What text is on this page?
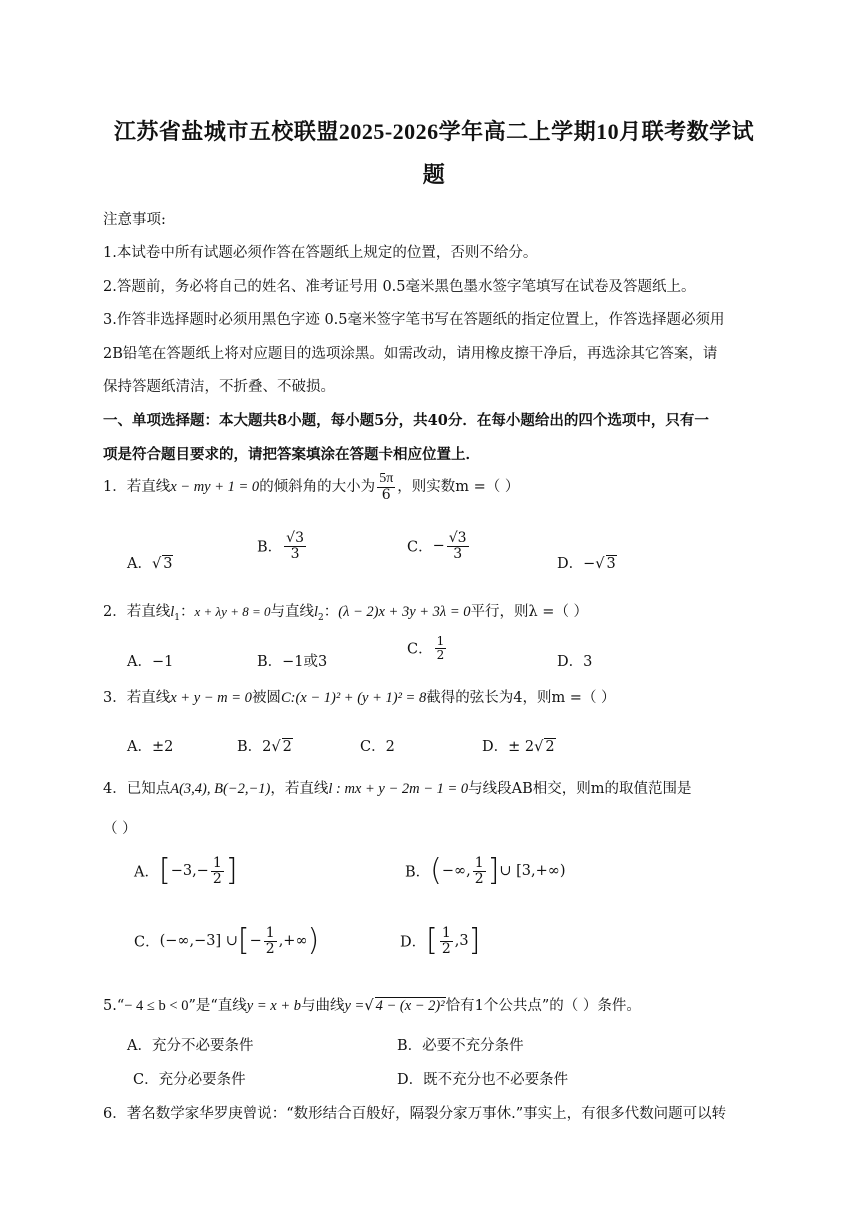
江苏省盐城市五校联盟2025-2026学年高二上学期10月联考数学试
题
注意事项:
1.本试卷中所有试题必须作答在答题纸上规定的位置，否则不给分。
2.答题前，务必将自己的姓名、准考证号用 0.5毫米黑色墨水签字笔填写在试卷及答题纸上。
3.作答非选择题时必须用黑色字迹 0.5毫米签字笔书写在答题纸的指定位置上，作答选择题必须用
2B铅笔在答题纸上将对应题目的选项涂黑。如需改动，请用橡皮擦干净后，再选涂其它答案，请
保持答题纸清洁，不折叠、不破损。
一、单项选择题：本大题共8小题，每小题5分，共40分．在每小题给出的四个选项中，只有一
项是符合题目要求的，请把答案填涂在答题卡相应位置上．
1．若直线x − my + 1 = 0的倾斜角的大小为 $\frac{5\pi}{6}$ ，则实数m =（ ）
A．√ 3
B． $\frac{√3}{3}$	C．− $\frac{√3}{3}$
D．−√ 3
2．若直线$l_1$：x + λy + 8 = 0与直线$l_2$：(λ − 2)x + 3y + 3λ = 0平行，则λ =（ ）
A．−1	B．−1或3
C． $\frac{1}{2}$
D．3
3．若直线x + y − m = 0被圆C:(x − 1)² + (y + 1)² = 8截得的弦长为4，则m =（ ）
A．±2	B．2√ 2	C．2	D．± 2√ 2
4．已知点A(3,4), B(−2,−1)，若直线l : mx + y − 2m − 1 = 0与线段AB相交，则m的取值范围是
（ ）
A．[$-3,- \frac{1}{2}$ ]	B．(−∞, $\frac{1}{2}$ ]∪ [3,+∞)
C．(−∞,−3] ∪[− $\frac{1}{2}$ ,+∞)	D．[ $\frac{1}{2} ,3$]
5.“− 4 ≤ b < 0”是“直线y = x + b与曲线y =√ 4 − (x − 2)²恰有1个公共点”的（ ）条件。
A．充分不必要条件	B．必要不充分条件
C．充分必要条件	D．既不充分也不必要条件
6．著名数学家华罗庚曾说：“数形结合百般好，隔裂分家万事休.”事实上，有很多代数问题可以转
